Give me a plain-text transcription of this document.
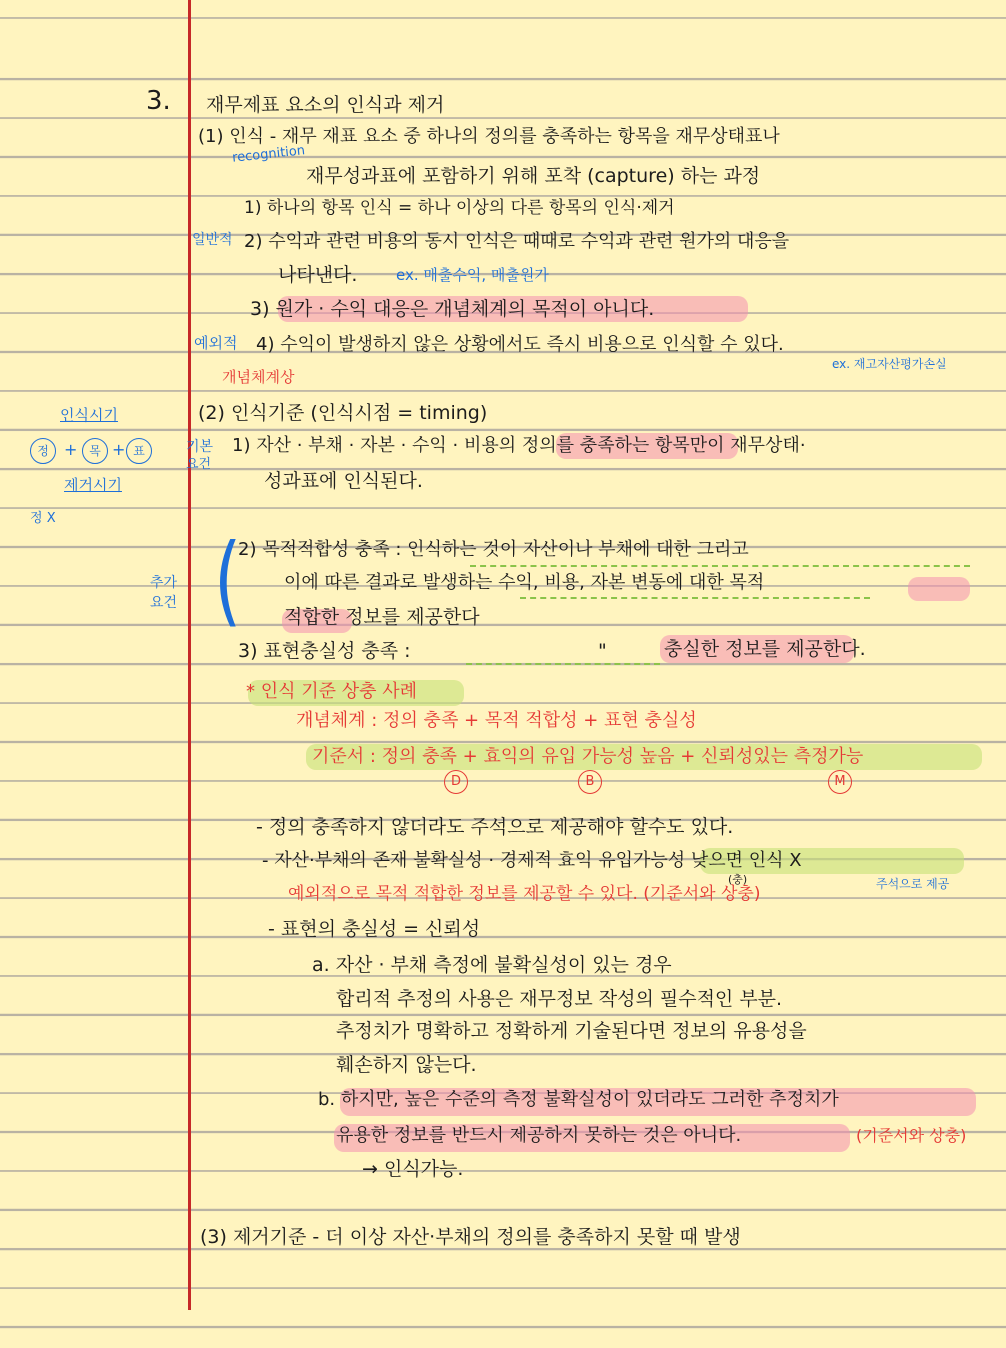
3. 재무제표 요소의 인식과 제거
(1) 인식 - 재무 재표 요소 중 하나의 정의를 충족하는 항목을 재무상태표나
recognition
재무성과표에 포함하기 위해 포착 (capture) 하는 과정
1) 하나의 항목 인식 = 하나 이상의 다른 항목의 인식·제거
일반적 2) 수익과 관련 비용의 동시 인식은 때때로 수익과 관련 원가의 대응을
나타낸다.	ex. 매출수익, 매출원가
3) 원가 · 수익 대응은 개념체계의 목적이 아니다.
예외적 4) 수익이 발생하지 않은 상황에서도 즉시 비용으로 인식할 수 있다.
ex. 재고자산평가손실
개념체계상
인식시기
정 + 목 + 표
제거시기
정 X
추가
요건
(2) 인식기준 (인식시점 = timing)
기본
요건
1) 자산 · 부채 · 자본 · 수익 · 비용의 정의를 충족하는 항목만이 재무상태·
성과표에 인식된다.
(
2) 목적적합성 충족 : 인식하는 것이 자산이나 부채에 대한 그리고
이에 따른 결과로 발생하는 수익, 비용, 자본 변동에 대한 목적
적합한 정보를 제공한다
3) 표현충실성 충족 :	"	충실한 정보를 제공한다.
* 인식 기준 상충 사례
개념체계 : 정의 충족 + 목적 적합성 + 표현 충실성
기준서 : 정의 충족 + 효익의 유입 가능성 높음 + 신뢰성있는 측정가능
D	B	M
- 정의 충족하지 않더라도 주석으로 제공해야 할수도 있다.
- 자산·부채의 존재 불확실성 · 경제적 효익 유입가능성 낮으면 인식 X
주석으로 제공
(충)
예외적으로 목적 적합한 정보를 제공할 수 있다. (기준서와 상충)
- 표현의 충실성 = 신뢰성
a. 자산 · 부채 측정에 불확실성이 있는 경우
합리적 추정의 사용은 재무정보 작성의 필수적인 부분.
추정치가 명확하고 정확하게 기술된다면 정보의 유용성을
훼손하지 않는다.
b. 하지만, 높은 수준의 측정 불확실성이 있더라도 그러한 추정치가
유용한 정보를 반드시 제공하지 못하는 것은 아니다.	(기준서와 상충)
→ 인식가능.
(3) 제거기준 - 더 이상 자산·부채의 정의를 충족하지 못할 때 발생
